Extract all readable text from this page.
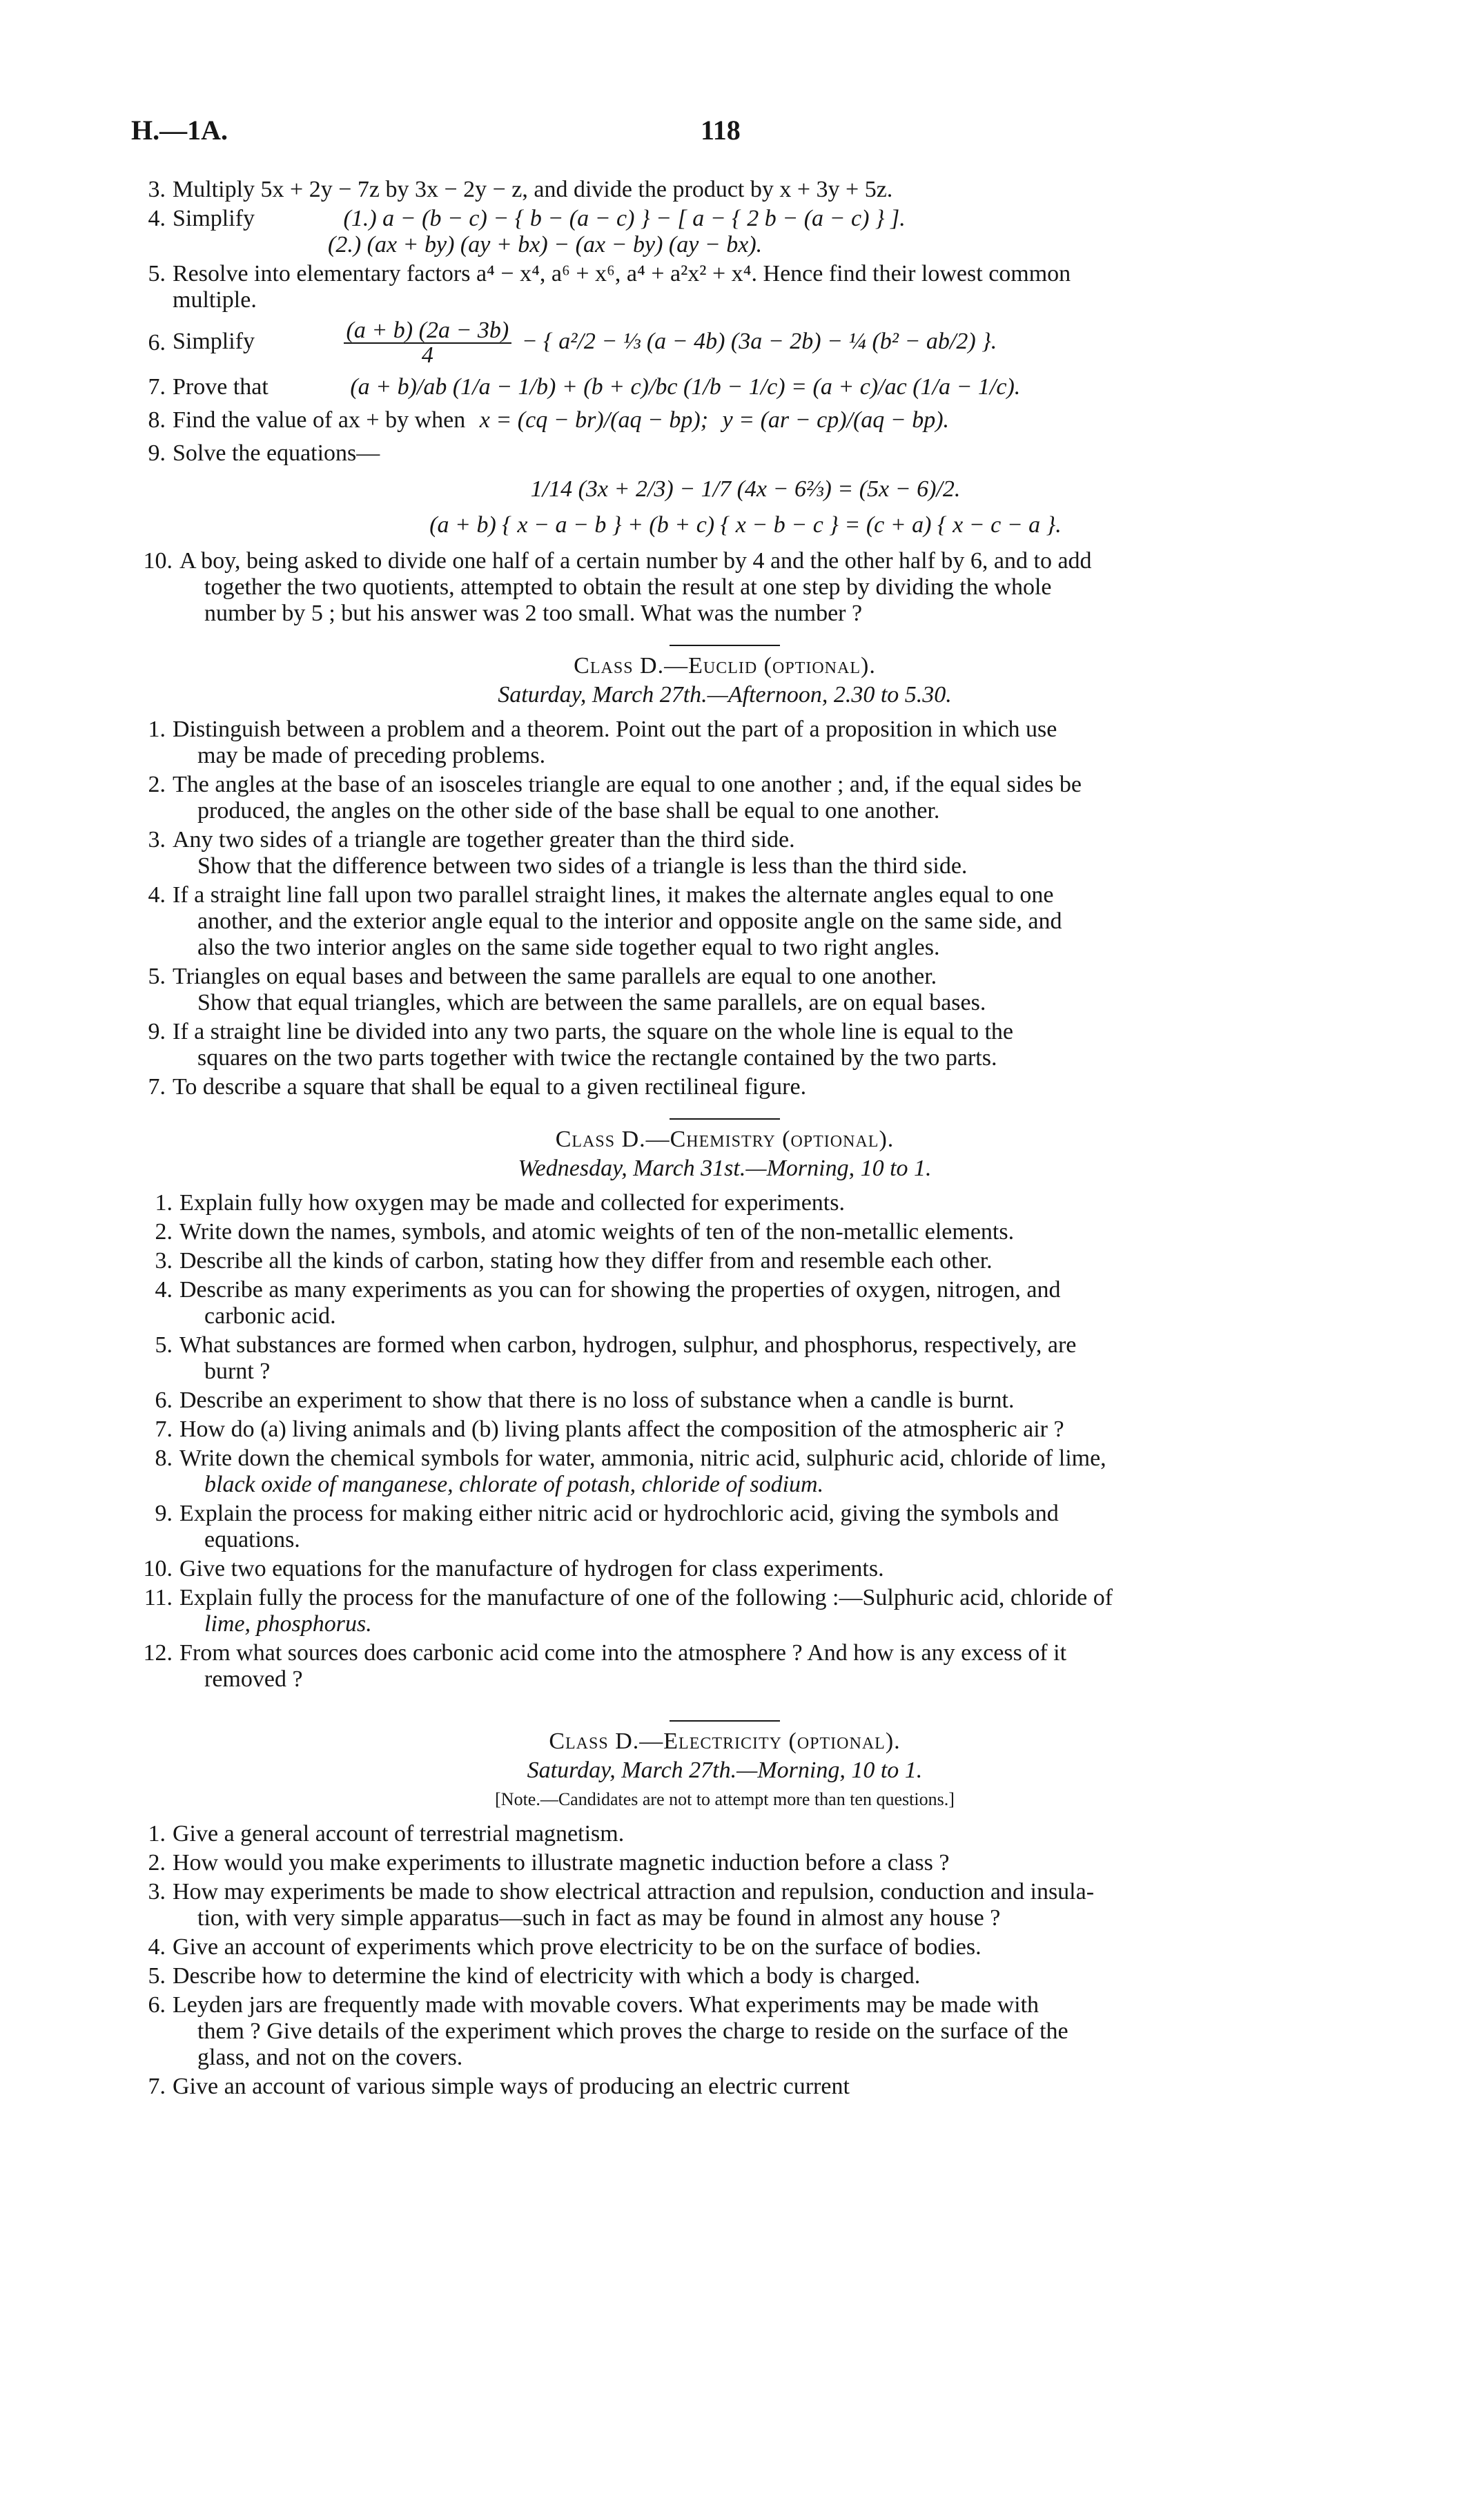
H.—1A.	118
3. Multiply 5x + 2y − 7z by 3x − 2y − z, and divide the product by x + 3y + 5z.
4. Simplify	(1.) a − (b − c) − { b − (a − c) } − [ a − { 2 b − (a − c) } ].
(2.) (ax + by) (ay + bx) − (ax − by) (ay − bx).
5. Resolve into elementary factors a⁴ − x⁴, a⁶ + x⁶, a⁴ + a²x² + x⁴. Hence find their lowest common
multiple.
6. Simplify	$\frac{(a + b) (2a - 3b)}{4}$ − { a²/2 − ⅓ (a − 4b) (3a − 2b) − ¼ (b² − ab/2) }.
7. Prove that	(a + b)/ab (1/a − 1/b) + (b + c)/bc (1/b − 1/c) = (a + c)/ac (1/a − 1/c).
8. Find the value of ax + by when x = (cq − br)/(aq − bp); y = (ar − cp)/(aq − bp).
9. Solve the equations—
1/14 (3x + 2/3) − 1/7 (4x − 6⅔) = (5x − 6)/2.
(a + b) { x − a − b } + (b + c) { x − b − c } = (c + a) { x − c − a }.
10. A boy, being asked to divide one half of a certain number by 4 and the other half by 6, and to add
together the two quotients, attempted to obtain the result at one step by dividing the whole
number by 5 ; but his answer was 2 too small. What was the number ?
Class D.—Euclid (optional).
Saturday, March 27th.—Afternoon, 2.30 to 5.30.
1. Distinguish between a problem and a theorem. Point out the part of a proposition in which use
may be made of preceding problems.
2. The angles at the base of an isosceles triangle are equal to one another ; and, if the equal sides be
produced, the angles on the other side of the base shall be equal to one another.
3. Any two sides of a triangle are together greater than the third side.
Show that the difference between two sides of a triangle is less than the third side.
4. If a straight line fall upon two parallel straight lines, it makes the alternate angles equal to one
another, and the exterior angle equal to the interior and opposite angle on the same side, and
also the two interior angles on the same side together equal to two right angles.
5. Triangles on equal bases and between the same parallels are equal to one another.
Show that equal triangles, which are between the same parallels, are on equal bases.
9. If a straight line be divided into any two parts, the square on the whole line is equal to the
squares on the two parts together with twice the rectangle contained by the two parts.
7. To describe a square that shall be equal to a given rectilineal figure.
Class D.—Chemistry (optional).
Wednesday, March 31st.—Morning, 10 to 1.
1. Explain fully how oxygen may be made and collected for experiments.
2. Write down the names, symbols, and atomic weights of ten of the non-metallic elements.
3. Describe all the kinds of carbon, stating how they differ from and resemble each other.
4. Describe as many experiments as you can for showing the properties of oxygen, nitrogen, and
carbonic acid.
5. What substances are formed when carbon, hydrogen, sulphur, and phosphorus, respectively, are
burnt ?
6. Describe an experiment to show that there is no loss of substance when a candle is burnt.
7. How do (a) living animals and (b) living plants affect the composition of the atmospheric air ?
8. Write down the chemical symbols for water, ammonia, nitric acid, sulphuric acid, chloride of lime,
black oxide of manganese, chlorate of potash, chloride of sodium.
9. Explain the process for making either nitric acid or hydrochloric acid, giving the symbols and
equations.
10. Give two equations for the manufacture of hydrogen for class experiments.
11. Explain fully the process for the manufacture of one of the following :—Sulphuric acid, chloride of
lime, phosphorus.
12. From what sources does carbonic acid come into the atmosphere ? And how is any excess of it
removed ?
Class D.—Electricity (optional).
Saturday, March 27th.—Morning, 10 to 1.
[Note.—Candidates are not to attempt more than ten questions.]
1. Give a general account of terrestrial magnetism.
2. How would you make experiments to illustrate magnetic induction before a class ?
3. How may experiments be made to show electrical attraction and repulsion, conduction and insula-
tion, with very simple apparatus—such in fact as may be found in almost any house ?
4. Give an account of experiments which prove electricity to be on the surface of bodies.
5. Describe how to determine the kind of electricity with which a body is charged.
6. Leyden jars are frequently made with movable covers. What experiments may be made with
them ? Give details of the experiment which proves the charge to reside on the surface of the
glass, and not on the covers.
7. Give an account of various simple ways of producing an electric current
